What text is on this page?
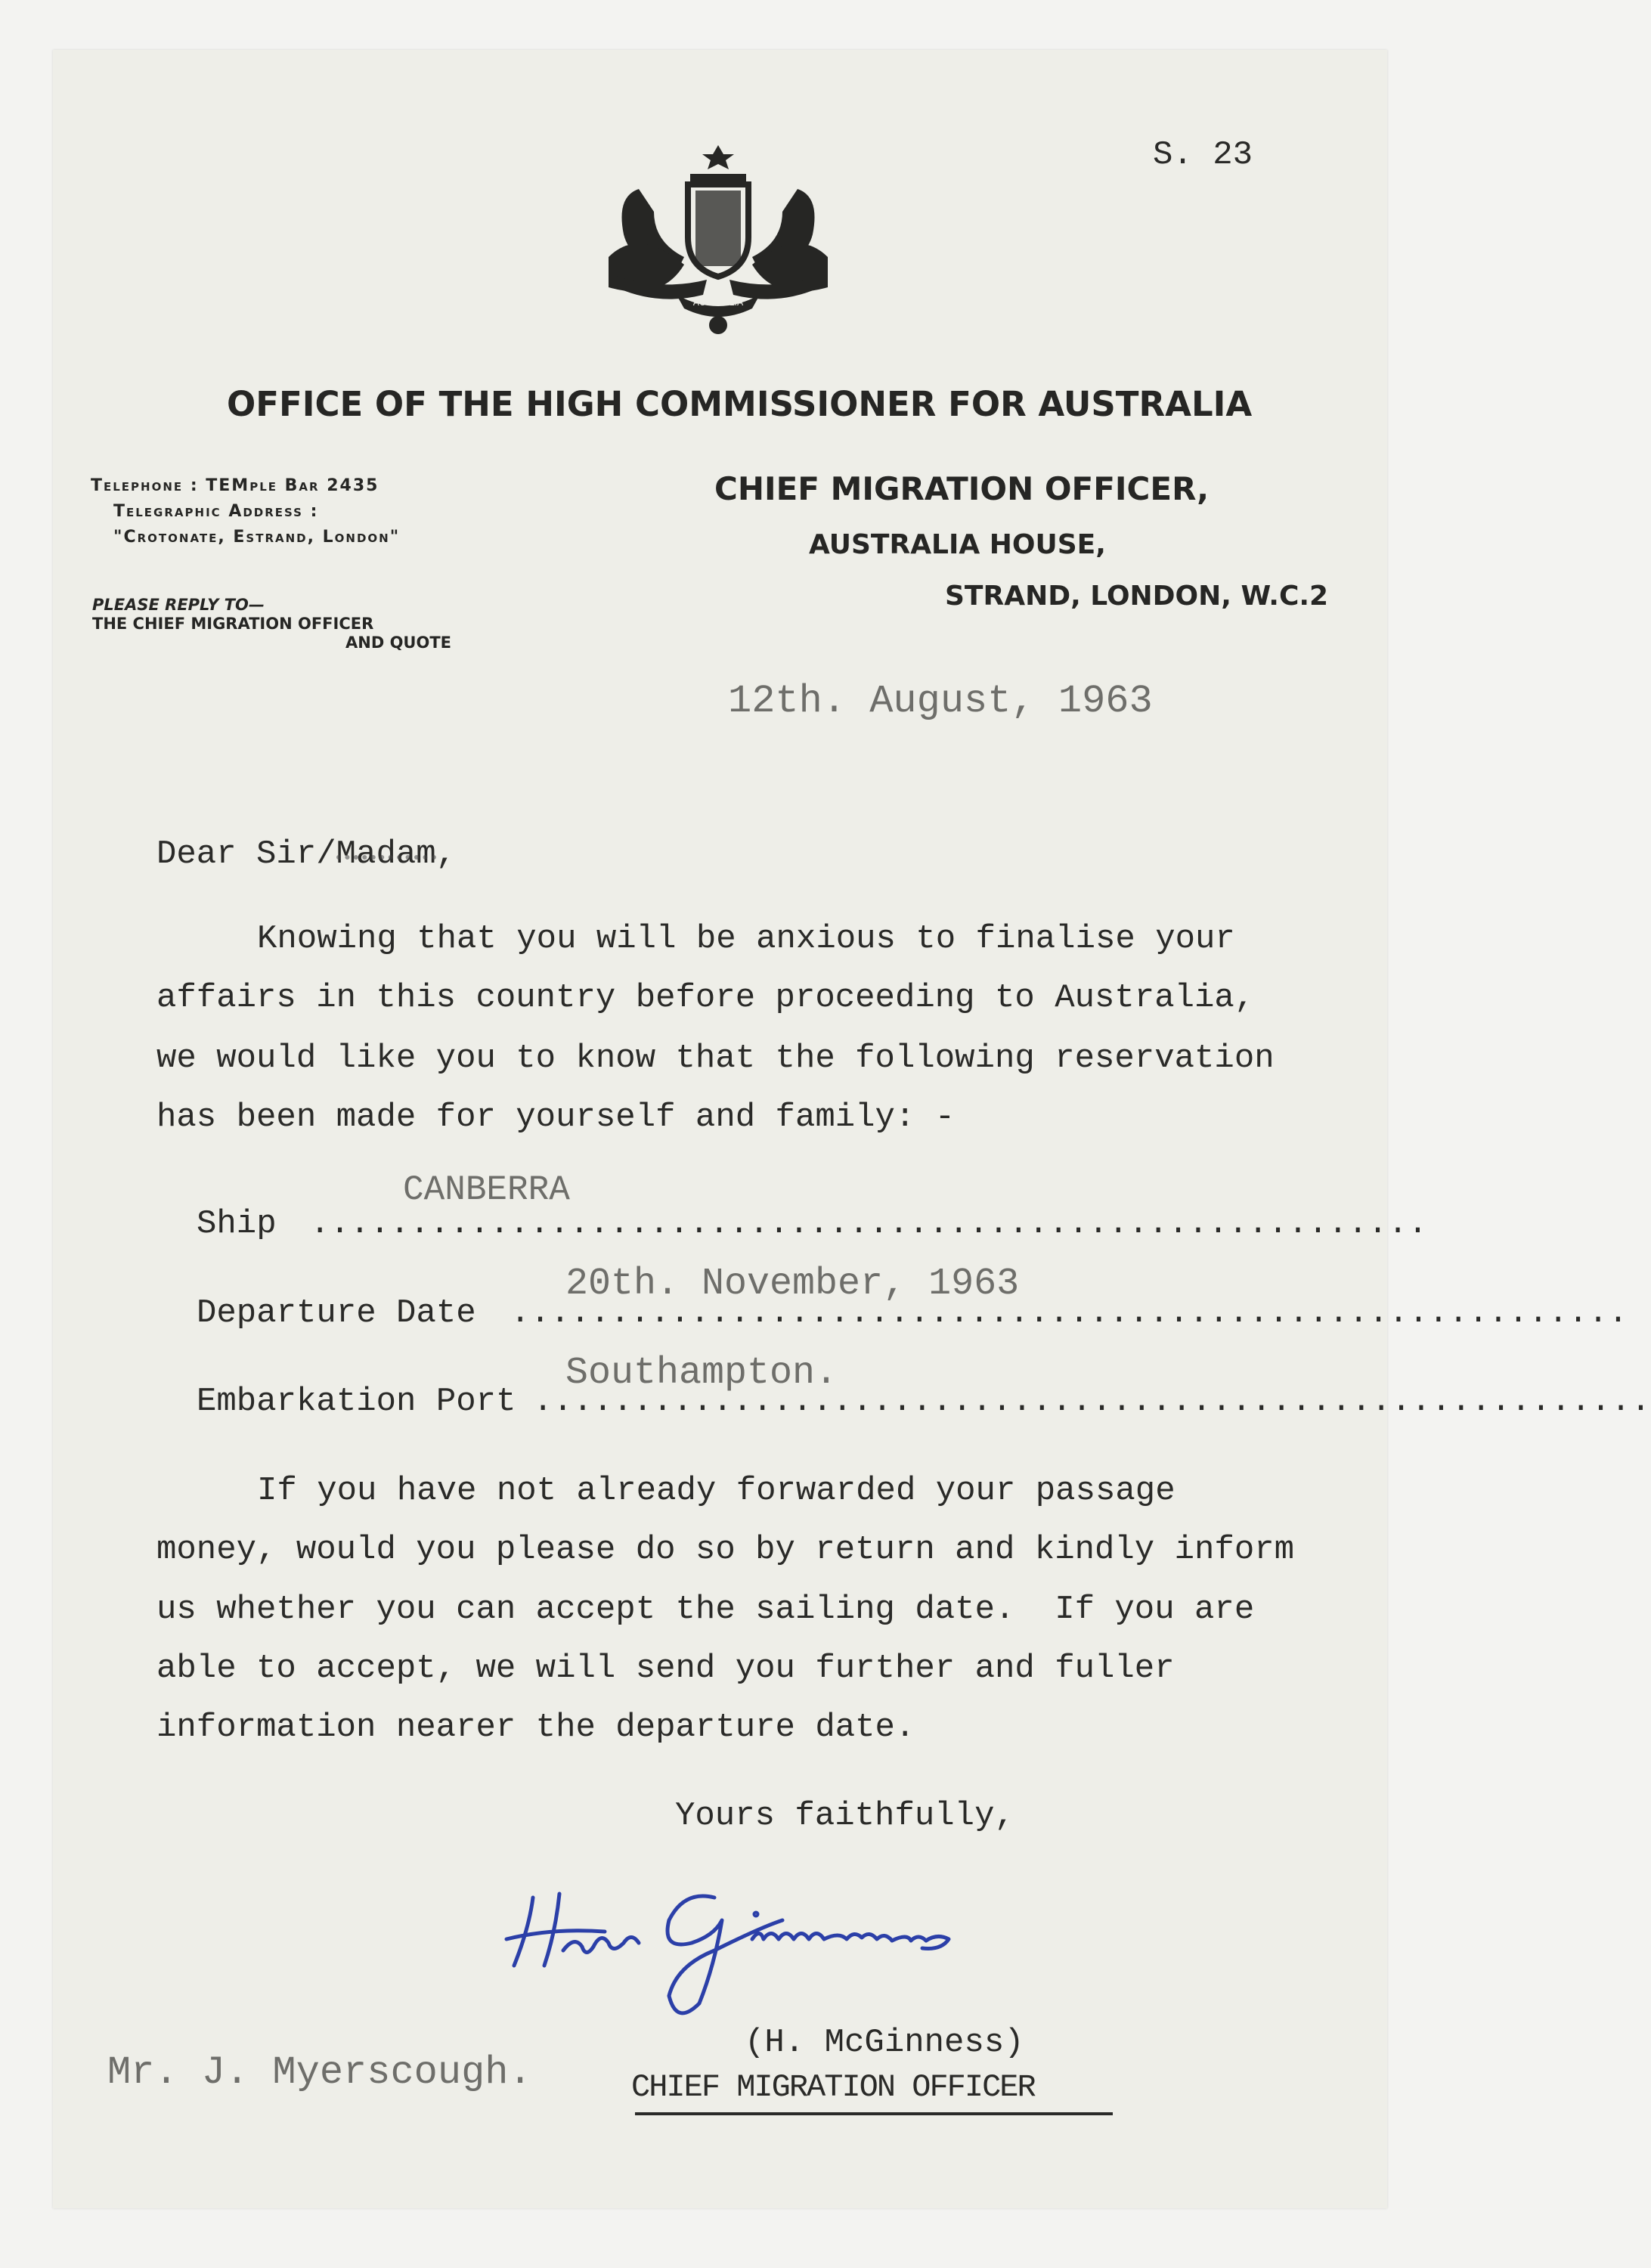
S. 23
AUSTRALIA
OFFICE OF THE HIGH COMMISSIONER FOR AUSTRALIA
Telephone : TEMple Bar 2435
Telegraphic Address :
"Crotonate, Estrand, London"
PLEASE REPLY TO—
THE CHIEF MIGRATION OFFICER
AND QUOTE
CHIEF MIGRATION OFFICER,
AUSTRALIA HOUSE,
STRAND, LONDON, W.C.2
12th. August, 1963
Dear Sir/Madam,
Knowing that you will be anxious to finalise your
affairs in this country before proceeding to Australia,
we would like you to know that the following reservation
has been made for yourself and family: -
CANBERRA
Ship ........................................................
20th. November, 1963
Departure Date ........................................................
Southampton.
Embarkation Port ........................................................
If you have not already forwarded your passage
money, would you please do so by return and kindly inform
us whether you can accept the sailing date.  If you are
able to accept, we will send you further and fuller
information nearer the departure date.
Yours faithfully,
(H. McGinness)
Mr. J. Myerscough.	CHIEF MIGRATION OFFICER
